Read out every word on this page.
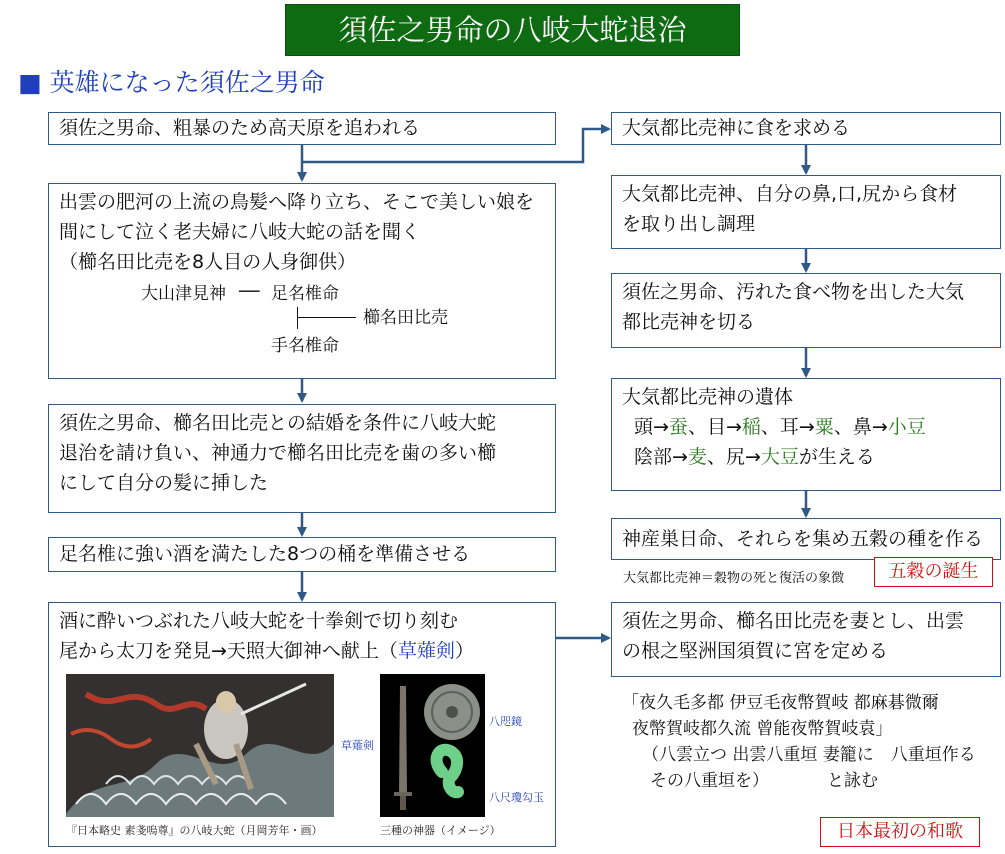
須佐之男命の八岐大蛇退治
■ 英雄になった須佐之男命
須佐之男命、粗暴のため高天原を追われる
出雲の肥河の上流の鳥髪へ降り立ち、そこで美しい娘を
間にして泣く老夫婦に八岐大蛇の話を聞く
（櫛名田比売を8人目の人身御供）
大山津見神 ── 足名椎命
櫛名田比売
手名椎命
須佐之男命、櫛名田比売との結婚を条件に八岐大蛇
退治を請け負い、神通力で櫛名田比売を歯の多い櫛
にして自分の髪に挿した
足名椎に強い酒を満たした8つの桶を準備させる
酒に酔いつぶれた八岐大蛇を十拳剣で切り刻む
尾から太刀を発見→天照大御神へ献上（草薙剣）
『日本略史 素戔嗚尊』の八岐大蛇（月岡芳年・画）	三種の神器（イメージ）
草薙剣
八咫鏡
八尺瓊勾玉
大気都比売神に食を求める
大気都比売神、自分の鼻,口,尻から食材
を取り出し調理
須佐之男命、汚れた食べ物を出した大気
都比売神を切る
大気都比売神の遺体
頭→蚕、目→稲、耳→粟、鼻→小豆
陰部→麦、尻→大豆が生える
神産巣日命、それらを集め五穀の種を作る
大気都比売神＝穀物の死と復活の象徴	五穀の誕生
須佐之男命、櫛名田比売を妻とし、出雲
の根之堅洲国須賀に宮を定める
「夜久毛多都 伊豆毛夜幣賀岐 都麻碁微爾
夜幣賀岐都久流 曾能夜幣賀岐袁」
（八雲立つ 出雲八重垣 妻籠に　八重垣作る
その八重垣を）	と詠む
日本最初の和歌
